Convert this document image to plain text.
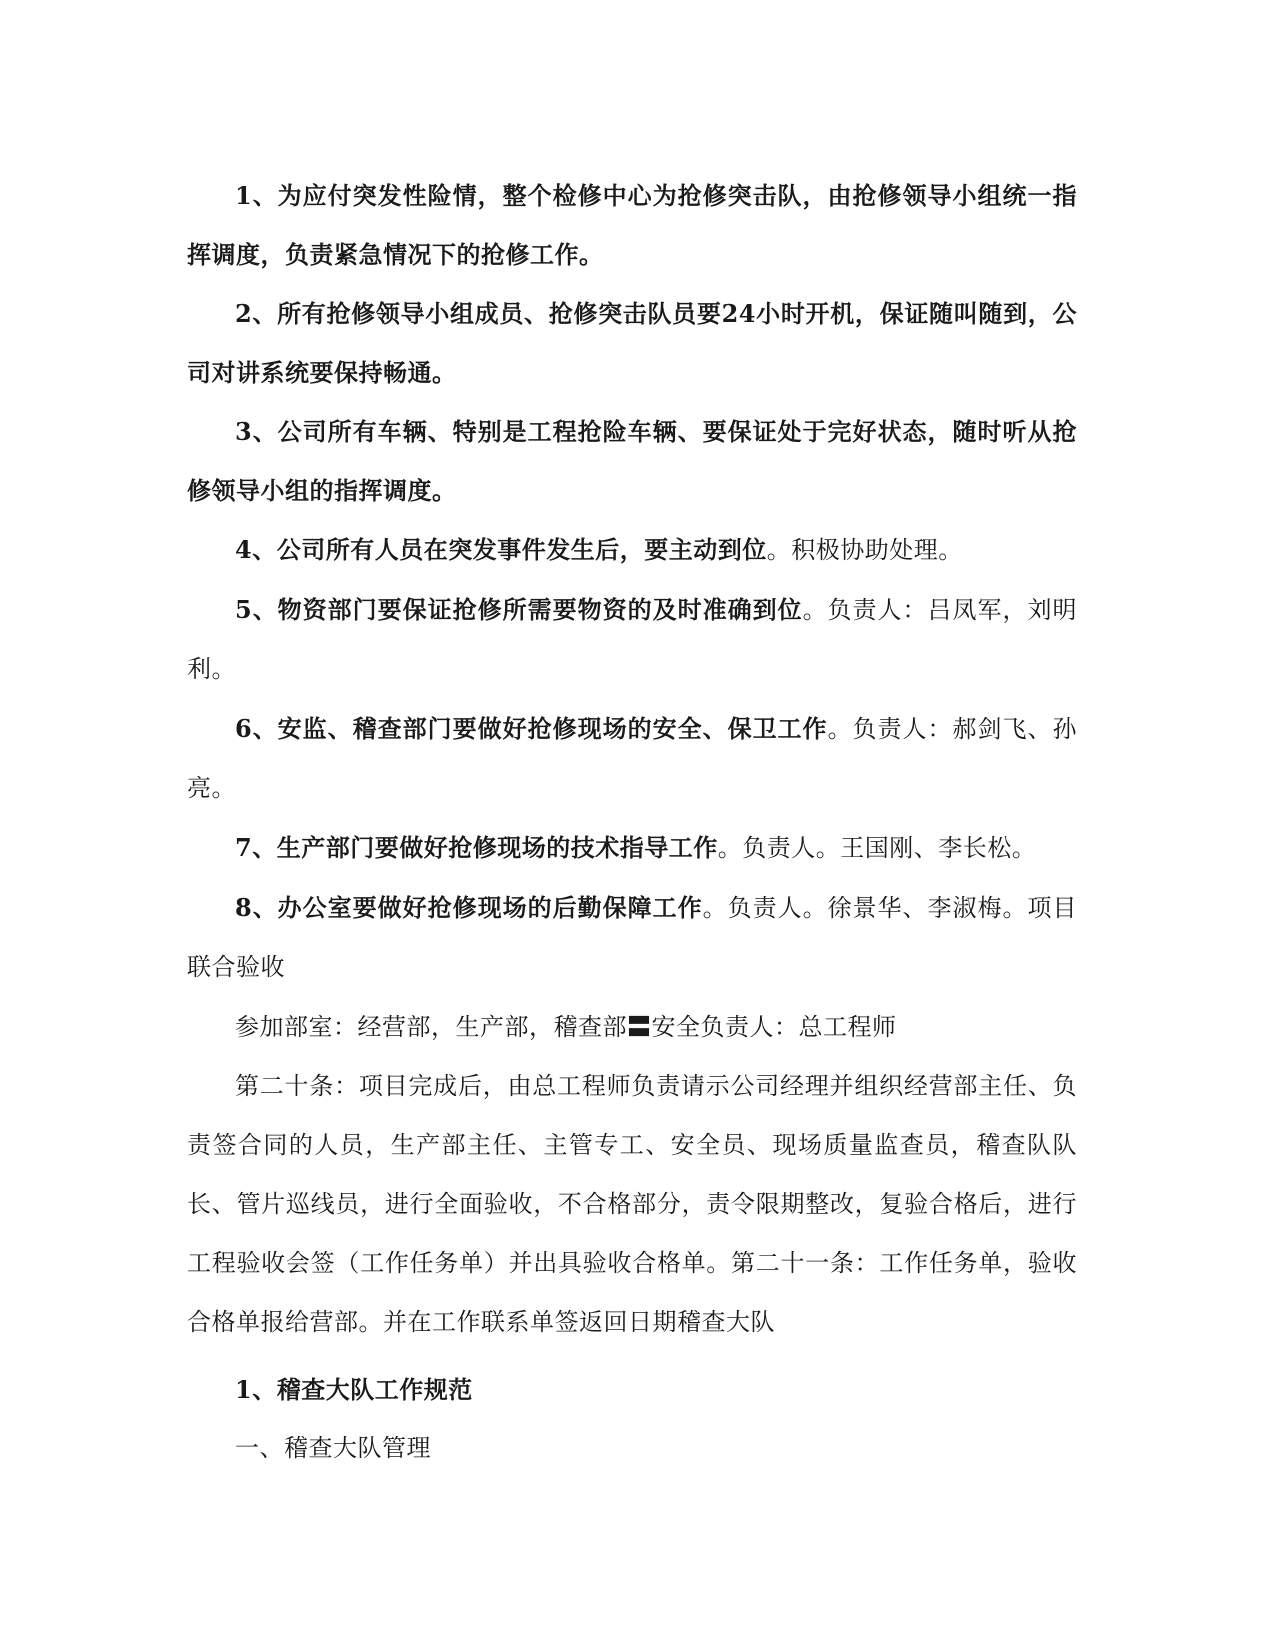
1、为应付突发性险情，整个检修中心为抢修突击队，由抢修领导小组统一指挥调度，负责紧急情况下的抢修工作。

2、所有抢修领导小组成员、抢修突击队员要24小时开机，保证随叫随到，公司对讲系统要保持畅通。

3、公司所有车辆、特别是工程抢险车辆、要保证处于完好状态，随时听从抢修领导小组的指挥调度。

4、公司所有人员在突发事件发生后，要主动到位。积极协助处理。

5、物资部门要保证抢修所需要物资的及时准确到位。负责人：吕凤军，刘明利。

6、安监、稽查部门要做好抢修现场的安全、保卫工作。负责人：郝剑飞、孙亮。

7、生产部门要做好抢修现场的技术指导工作。负责人。王国刚、李长松。

8、办公室要做好抢修现场的后勤保障工作。负责人。徐景华、李淑梅。项目联合验收

参加部室：经营部，生产部，稽查部〓安全负责人：总工程师

第二十条：项目完成后，由总工程师负责请示公司经理并组织经营部主任、负责签合同的人员，生产部主任、主管专工、安全员、现场质量监查员，稽查队队长、管片巡线员，进行全面验收，不合格部分，责令限期整改，复验合格后，进行工程验收会签（工作任务单）并出具验收合格单。第二十一条：工作任务单，验收合格单报给营部。并在工作联系单签返回日期稽查大队

1、稽查大队工作规范

一、稽查大队管理
